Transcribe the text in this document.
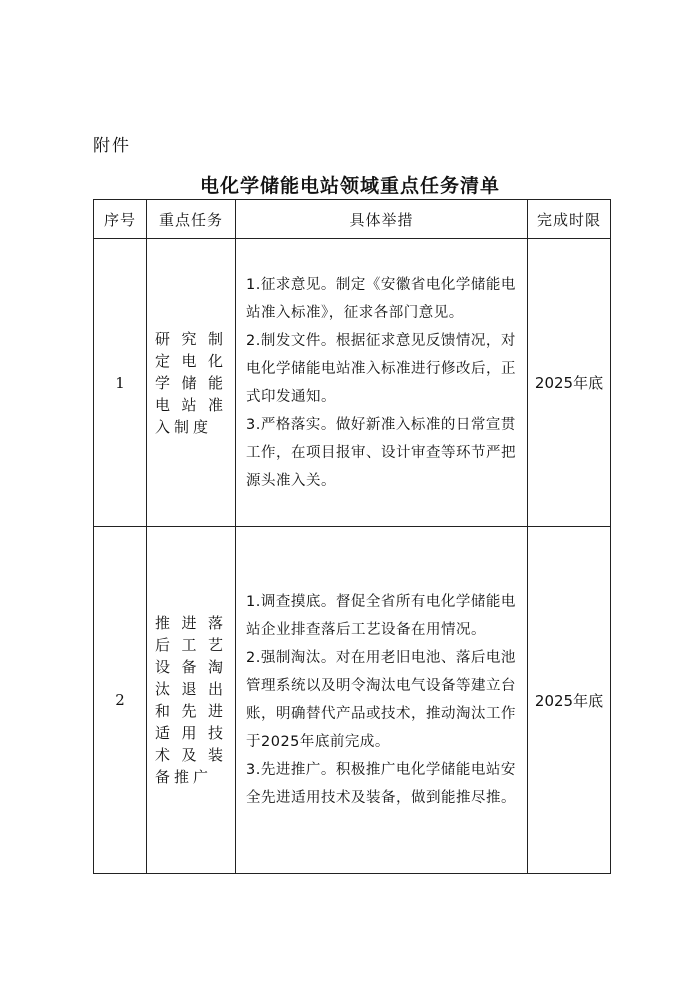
附件
电化学储能电站领域重点任务清单
序号	重点任务	具体举措	完成时限
1	研究制定电化学储能电站准入制度	1.征求意见。制定《安徽省电化学储能电站准入标准》，征求各部门意见。
2.制发文件。根据征求意见反馈情况，对电化学储能电站准入标准进行修改后，正式印发通知。
3.严格落实。做好新准入标准的日常宣贯工作，在项目报审、设计审查等环节严把源头准入关。	2025年底
2	推进落后工艺设备淘汰退出和先进适用技术及装备推广	1.调查摸底。督促全省所有电化学储能电站企业排查落后工艺设备在用情况。
2.强制淘汰。对在用老旧电池、落后电池管理系统以及明令淘汰电气设备等建立台账，明确替代产品或技术，推动淘汰工作于2025年底前完成。
3.先进推广。积极推广电化学储能电站安全先进适用技术及装备，做到能推尽推。	2025年底
